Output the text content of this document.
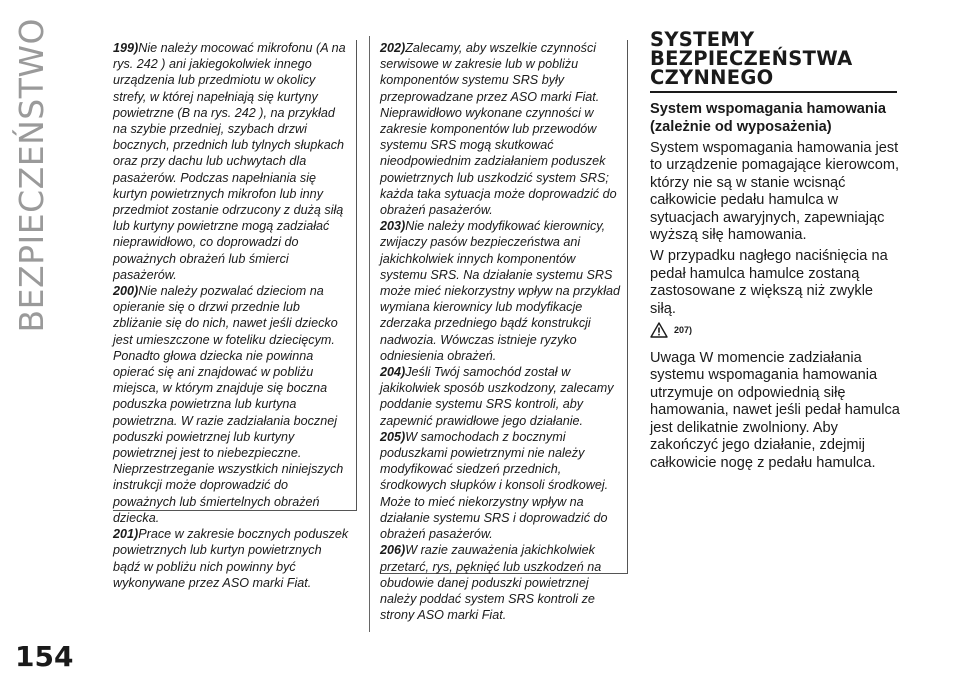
BEZPIECZEŃSTWO	199)Nie należy mocować mikrofonu (A na rys. 242 ) ani jakiegokolwiek innego urządzenia lub przedmiotu w okolicy strefy, w której napełniają się kurtyny powietrzne (B na rys. 242 ), na przykład na szybie przedniej, szybach drzwi bocznych, przednich lub tylnych słupkach oraz przy dachu lub uchwytach dla pasażerów. Podczas napełniania się kurtyn powietrznych mikrofon lub inny przedmiot zostanie odrzucony z dużą siłą lub kurtyny powietrzne mogą zadziałać nieprawidłowo, co doprowadzi do poważnych obrażeń lub śmierci pasażerów.

200)Nie należy pozwalać dzieciom na opieranie się o drzwi przednie lub zbliżanie się do nich, nawet jeśli dziecko jest umieszczone w foteliku dziecięcym. Ponadto głowa dziecka nie powinna opierać się ani znajdować w pobliżu miejsca, w którym znajduje się boczna poduszka powietrzna lub kurtyna powietrzna. W razie zadziałania bocznej poduszki powietrznej lub kurtyny powietrznej jest to niebezpieczne. Nieprzestrzeganie wszystkich niniejszych instrukcji może doprowadzić do poważnych lub śmiertelnych obrażeń dziecka.

201)Prace w zakresie bocznych poduszek powietrznych lub kurtyn powietrznych bądź w pobliżu nich powinny być wykonywane przez ASO marki Fiat.

202)Zalecamy, aby wszelkie czynności serwisowe w zakresie lub w pobliżu komponentów systemu SRS były przeprowadzane przez ASO marki Fiat. Nieprawidłowo wykonane czynności w zakresie komponentów lub przewodów systemu SRS mogą skutkować nieodpowiednim zadziałaniem poduszek powietrznych lub uszkodzić system SRS; każda taka sytuacja może doprowadzić do obrażeń pasażerów.

203)Nie należy modyfikować kierownicy, zwijaczy pasów bezpieczeństwa ani jakichkolwiek innych komponentów systemu SRS. Na działanie systemu SRS może mieć niekorzystny wpływ na przykład wymiana kierownicy lub modyfikacje zderzaka przedniego bądź konstrukcji nadwozia. Wówczas istnieje ryzyko odniesienia obrażeń.

204)Jeśli Twój samochód został w jakikolwiek sposób uszkodzony, zalecamy poddanie systemu SRS kontroli, aby zapewnić prawidłowe jego działanie.

205)W samochodach z bocznymi poduszkami powietrznymi nie należy modyfikować siedzeń przednich, środkowych słupków i konsoli środkowej. Może to mieć niekorzystny wpływ na działanie systemu SRS i doprowadzić do obrażeń pasażerów.

206)W razie zauważenia jakichkolwiek przetarć, rys, pęknięć lub uszkodzeń na obudowie danej poduszki powietrznej należy poddać system SRS kontroli ze strony ASO marki Fiat.

SYSTEMY BEZPIECZEŃSTWA CZYNNEGO
System wspomagania hamowania (zależnie od wyposażenia)

System wspomagania hamowania jest to urządzenie pomagające kierowcom, którzy nie są w stanie wcisnąć całkowicie pedału hamulca w sytuacjach awaryjnych, zapewniając wyższą siłę hamowania.

W przypadku nagłego naciśnięcia na pedał hamulca hamulce zostaną zastosowane z większą niż zwykle siłą.

207)

Uwaga W momencie zadziałania systemu wspomagania hamowania utrzymuje on odpowiednią siłę hamowania, nawet jeśli pedał hamulca jest delikatnie zwolniony. Aby zakończyć jego działanie, zdejmij całkowicie nogę z pedału hamulca.

154
